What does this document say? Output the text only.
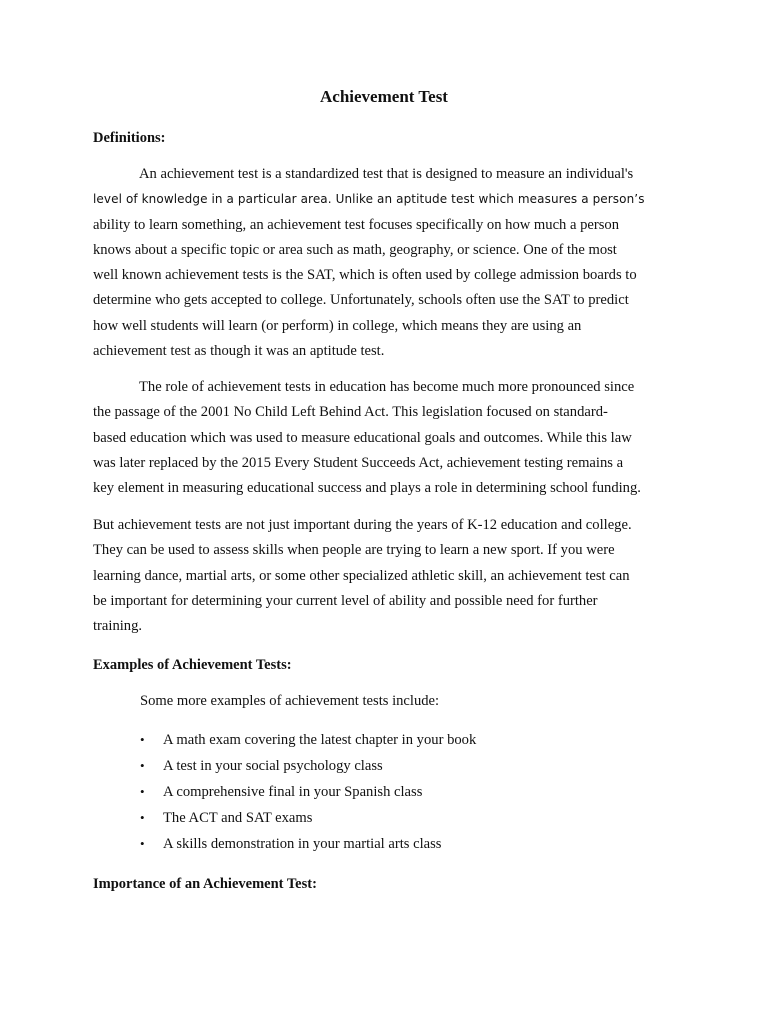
Achievement Test
Definitions:
An achievement test is a standardized test that is designed to measure an individual's
level of knowledge in a particular area. Unlike an aptitude test which measures a person’s
ability to learn something, an achievement test focuses specifically on how much a person
knows about a specific topic or area such as math, geography, or science. One of the most
well known achievement tests is the SAT, which is often used by college admission boards to
determine who gets accepted to college. Unfortunately, schools often use the SAT to predict
how well students will learn (or perform) in college, which means they are using an
achievement test as though it was an aptitude test.
The role of achievement tests in education has become much more pronounced since
the passage of the 2001 No Child Left Behind Act. This legislation focused on standard-
based education which was used to measure educational goals and outcomes. While this law
was later replaced by the 2015 Every Student Succeeds Act, achievement testing remains a
key element in measuring educational success and plays a role in determining school funding.
But achievement tests are not just important during the years of K-12 education and college.
They can be used to assess skills when people are trying to learn a new sport. If you were
learning dance, martial arts, or some other specialized athletic skill, an achievement test can
be important for determining your current level of ability and possible need for further
training.
Examples of Achievement Tests:

Some more examples of achievement tests include:

•	A math exam covering the latest chapter in your book
•	A test in your social psychology class
•	A comprehensive final in your Spanish class
•	The ACT and SAT exams
•	A skills demonstration in your martial arts class
Importance of an Achievement Test:
